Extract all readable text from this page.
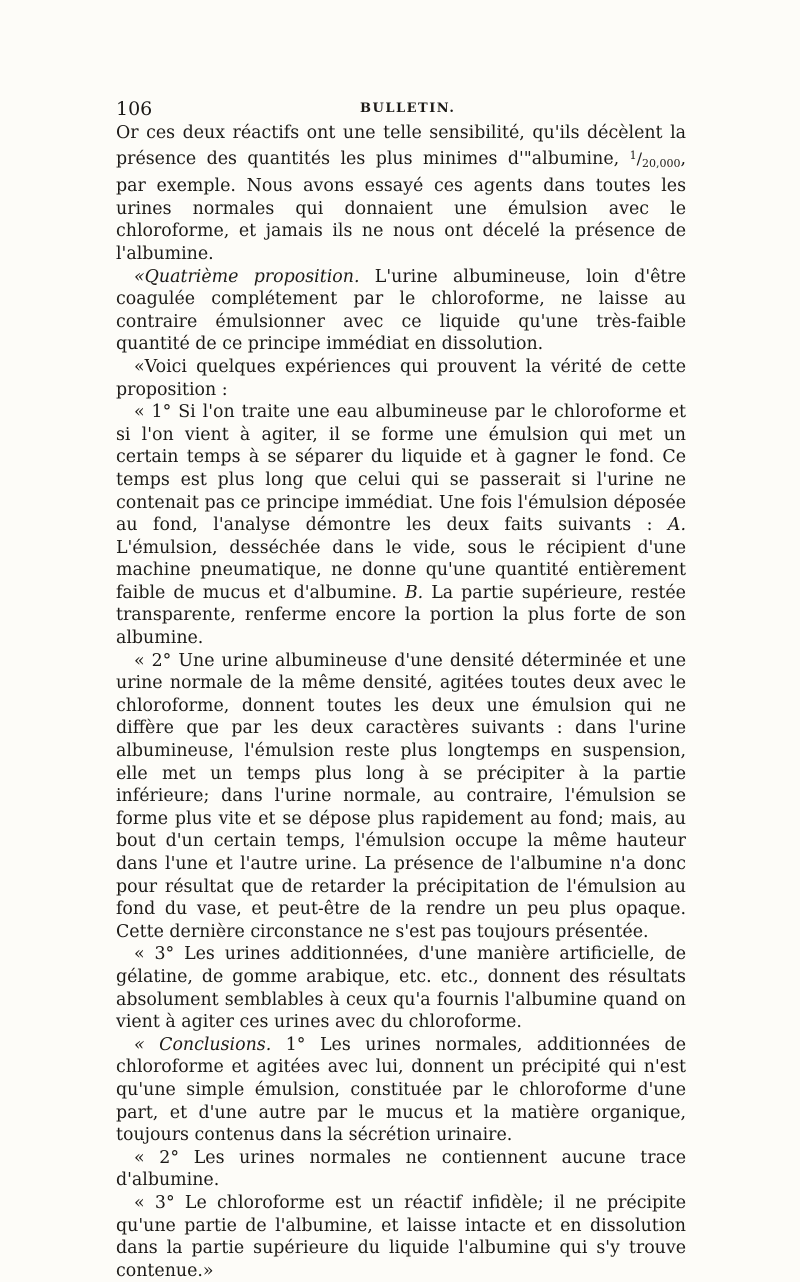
106	BULLETIN.

Or ces deux réactifs ont une telle sensibilité, qu'ils décèlent la présence des quantités les plus minimes d'"albumine, $^1/_{20,000}$, par exemple. Nous avons essayé ces agents dans toutes les urines normales qui donnaient une émulsion avec le chloroforme, et jamais ils ne nous ont décelé la présence de l'albumine.

«Quatrième proposition. L'urine albumineuse, loin d'être coagulée complétement par le chloroforme, ne laisse au contraire émulsionner avec ce liquide qu'une très-faible quantité de ce principe immédiat en dissolution.

«Voici quelques expériences qui prouvent la vérité de cette proposition :

« 1° Si l'on traite une eau albumineuse par le chloroforme et si l'on vient à agiter, il se forme une émulsion qui met un certain temps à se séparer du liquide et à gagner le fond. Ce temps est plus long que celui qui se passerait si l'urine ne contenait pas ce principe immédiat. Une fois l'émulsion déposée au fond, l'analyse démontre les deux faits suivants : A. L'émulsion, desséchée dans le vide, sous le récipient d'une machine pneumatique, ne donne qu'une quantité entièrement faible de mucus et d'albumine. B. La partie supérieure, restée transparente, renferme encore la portion la plus forte de son albumine.

« 2° Une urine albumineuse d'une densité déterminée et une urine normale de la même densité, agitées toutes deux avec le chloroforme, donnent toutes les deux une émulsion qui ne diffère que par les deux caractères suivants : dans l'urine albumineuse, l'émulsion reste plus longtemps en suspension, elle met un temps plus long à se précipiter à la partie inférieure; dans l'urine normale, au contraire, l'émulsion se forme plus vite et se dépose plus rapidement au fond; mais, au bout d'un certain temps, l'émulsion occupe la même hauteur dans l'une et l'autre urine. La présence de l'albumine n'a donc pour résultat que de retarder la précipitation de l'émulsion au fond du vase, et peut-être de la rendre un peu plus opaque. Cette dernière circonstance ne s'est pas toujours présentée.

« 3° Les urines additionnées, d'une manière artificielle, de gélatine, de gomme arabique, etc. etc., donnent des résultats absolument semblables à ceux qu'a fournis l'albumine quand on vient à agiter ces urines avec du chloroforme.

« Conclusions. 1° Les urines normales, additionnées de chloroforme et agitées avec lui, donnent un précipité qui n'est qu'une simple émulsion, constituée par le chloroforme d'une part, et d'une autre par le mucus et la matière organique, toujours contenus dans la sécrétion urinaire.

« 2° Les urines normales ne contiennent aucune trace d'albumine.

« 3° Le chloroforme est un réactif infidèle; il ne précipite qu'une partie de l'albumine, et laisse intacte et en dissolution dans la partie supérieure du liquide l'albumine qui s'y trouve contenue.»
